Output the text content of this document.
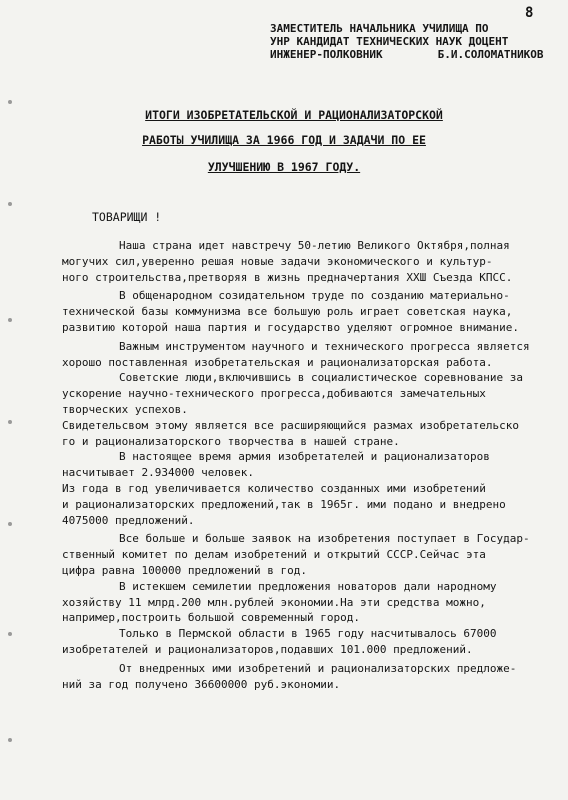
8
ЗАМЕСТИТЕЛЬ НАЧАЛЬНИКА УЧИЛИЩА ПО
УНР КАНДИДАТ ТЕХНИЧЕСКИХ НАУК ДОЦЕНТ
ИНЖЕНЕР-ПОЛКОВНИК	Б.И.СОЛОМАТНИКОВ
ИТОГИ ИЗОБРЕТАТЕЛЬСКОЙ И РАЦИОНАЛИЗАТОРСКОЙ
РАБОТЫ УЧИЛИЩА ЗА 1966 ГОД И ЗАДАЧИ ПО ЕЕ
УЛУЧШЕНИЮ В 1967 ГОДУ.
ТОВАРИЩИ !
Наша страна идет навстречу 50-летию Великого Октября,полная
могучих сил,уверенно решая новые задачи экономического и культур-
ного строительства,претворяя в жизнь предначертания ХХШ Съезда КПСС.
В общенародном созидательном труде по созданию материально-
технической базы коммунизма все большую роль играет советская наука,
развитию которой наша партия и государство уделяют огромное внимание.
Важным инструментом научного и технического прогресса является
хорошо поставленная изобретательская и рационализаторская работа.
Советские люди,включившись в социалистическое соревнование за
ускорение научно-технического прогресса,добиваются замечательных
творческих успехов.
Свидетельсвом этому является все расширяющийся размах изобретательско
го и рационализаторского творчества в нашей стране.
В настоящее время армия изобретателей и рационализаторов
насчитывает 2.934000 человек.
Из года в год увеличивается количество созданных ими изобретений
и рационализаторских предложений,так в 1965г. ими подано и внедрено
4075000 предложений.
Все больше и больше заявок на изобретения поступает в Государ-
ственный комитет по делам изобретений и открытий СССР.Сейчас эта
цифра равна 100000 предложений в год.
В истекшем семилетии предложения новаторов дали народному
хозяйству 11 млрд.200 млн.рублей экономии.На эти средства можно,
например,построить большой современный город.
Только в Пермской области в 1965 году насчитывалось 67000
изобретателей и рационализаторов,подавших 101.000 предложений.
От внедренных ими изобретений и рационализаторских предложе-
ний за год получено 36600000 руб.экономии.
